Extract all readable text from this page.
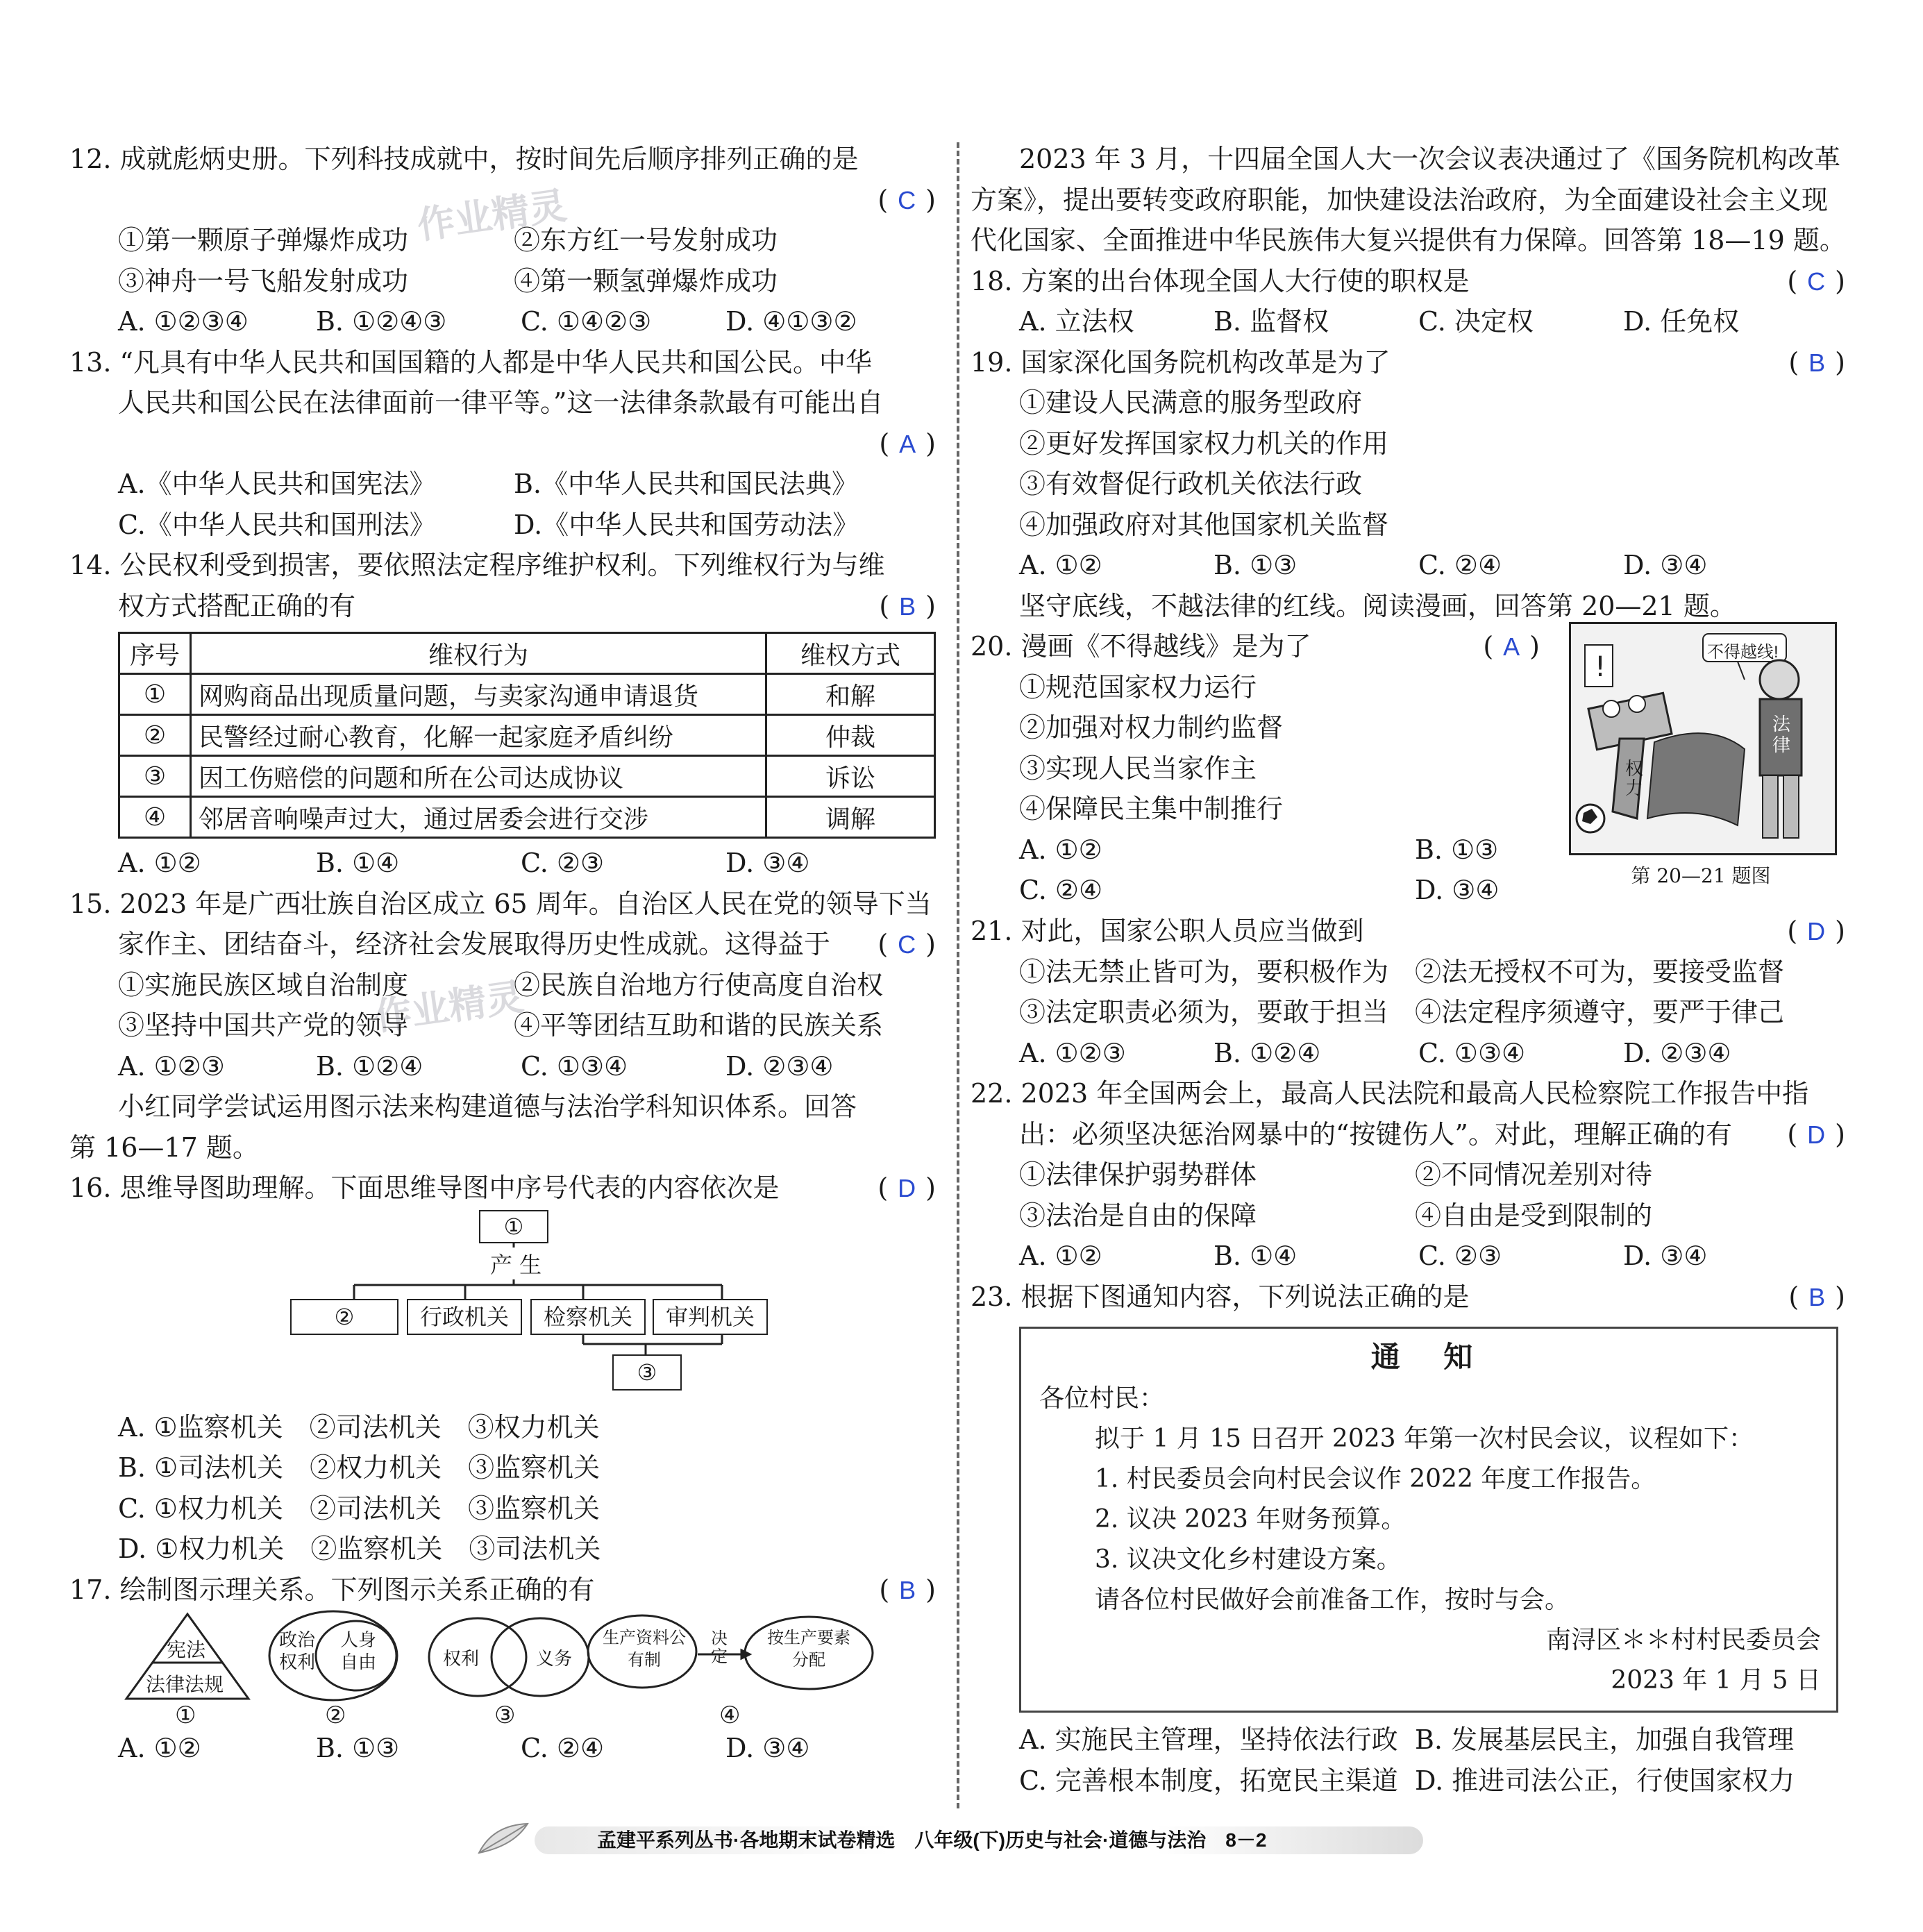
作业精灵
作业精灵
12. 成就彪炳史册。下列科技成就中，按时间先后顺序排列正确的是
( C )
①第一颗原子弹爆炸成功	②东方红一号发射成功
③神舟一号飞船发射成功	④第一颗氢弹爆炸成功
A. ①②③④	B. ①②④③	C. ①④②③	D. ④①③②
13. “凡具有中华人民共和国国籍的人都是中华人民共和国公民。中华
人民共和国公民在法律面前一律平等。”这一法律条款最有可能出自
( A )
A.《中华人民共和国宪法》	B.《中华人民共和国民法典》
C.《中华人民共和国刑法》	D.《中华人民共和国劳动法》
14. 公民权利受到损害，要依照法定程序维护权利。下列维权行为与维
权方式搭配正确的有	( B )
序号	维权行为	维权方式
①	网购商品出现质量问题，与卖家沟通申请退货	和解
②	民警经过耐心教育，化解一起家庭矛盾纠纷	仲裁
③	因工伤赔偿的问题和所在公司达成协议	诉讼
④	邻居音响噪声过大，通过居委会进行交涉	调解
A. ①②	B. ①④	C. ②③	D. ③④
15. 2023 年是广西壮族自治区成立 65 周年。自治区人民在党的领导下当
家作主、团结奋斗，经济社会发展取得历史性成就。这得益于 ( C )
①实施民族区域自治制度	②民族自治地方行使高度自治权
③坚持中国共产党的领导	④平等团结互助和谐的民族关系
A. ①②③	B. ①②④	C. ①③④	D. ②③④
小红同学尝试运用图示法来构建道德与法治学科知识体系。回答
第 16—17 题。
16. 思维导图助理解。下面思维导图中序号代表的内容依次是	( D )
①
产 生
②	行政机关	检察机关	审判机关
③
A. ①监察机关　②司法机关　③权力机关
B. ①司法机关　②权力机关　③监察机关
C. ①权力机关　②司法机关　③监察机关
D. ①权力机关　②监察机关　③司法机关
17. 绘制图示理关系。下列图示关系正确的有	( B )
宪法
法律法规
政治权利
人身自由	权利	义务
生产资料公有制
决定
按生产要素分配
①	②	③	④
A. ①②	B. ①③	C. ②④	D. ③④
2023 年 3 月，十四届全国人大一次会议表决通过了《国务院机构改革
方案》，提出要转变政府职能，加快建设法治政府，为全面建设社会主义现
代化国家、全面推进中华民族伟大复兴提供有力保障。回答第 18—19 题。
18. 方案的出台体现全国人大行使的职权是	( C )
A. 立法权	B. 监督权	C. 决定权	D. 任免权
19. 国家深化国务院机构改革是为了	( B )
①建设人民满意的服务型政府
②更好发挥国家权力机关的作用
③有效督促行政机关依法行政
④加强政府对其他国家机关监督
A. ①②	B. ①③	C. ②④	D. ③④
坚守底线，不越法律的红线。阅读漫画，回答第 20—21 题。
20. 漫画《不得越线》是为了	( A )
①规范国家权力运行
②加强对权力制约监督
③实现人民当家作主
④保障民主集中制推行
A. ①②	B. ①③
C. ②④	D. ③④
!	不得越线!
权力
法律
第 20—21 题图
21. 对此，国家公职人员应当做到	( D )
①法无禁止皆可为，要积极作为 ②法无授权不可为，要接受监督
③法定职责必须为，要敢于担当 ④法定程序须遵守，要严于律己
A. ①②③	B. ①②④	C. ①③④	D. ②③④
22. 2023 年全国两会上，最高人民法院和最高人民检察院工作报告中指
出：必须坚决惩治网暴中的“按键伤人”。对此，理解正确的有 ( D )
①法律保护弱势群体	②不同情况差别对待
③法治是自由的保障	④自由是受到限制的
A. ①②	B. ①④	C. ②③	D. ③④
23. 根据下图通知内容，下列说法正确的是	( B )
通 知
各位村民：
拟于 1 月 15 日召开 2023 年第一次村民会议，议程如下：
1. 村民委员会向村民会议作 2022 年度工作报告。
2. 议决 2023 年财务预算。
3. 议决文化乡村建设方案。
请各位村民做好会前准备工作，按时与会。
南浔区＊＊村村民委员会
2023 年 1 月 5 日
A. 实施民主管理，坚持依法行政 B. 发展基层民主，加强自我管理
C. 完善根本制度，拓宽民主渠道 D. 推进司法公正，行使国家权力
孟建平系列丛书·各地期末试卷精选　八年级(下)历史与社会·道德与法治　8－2
